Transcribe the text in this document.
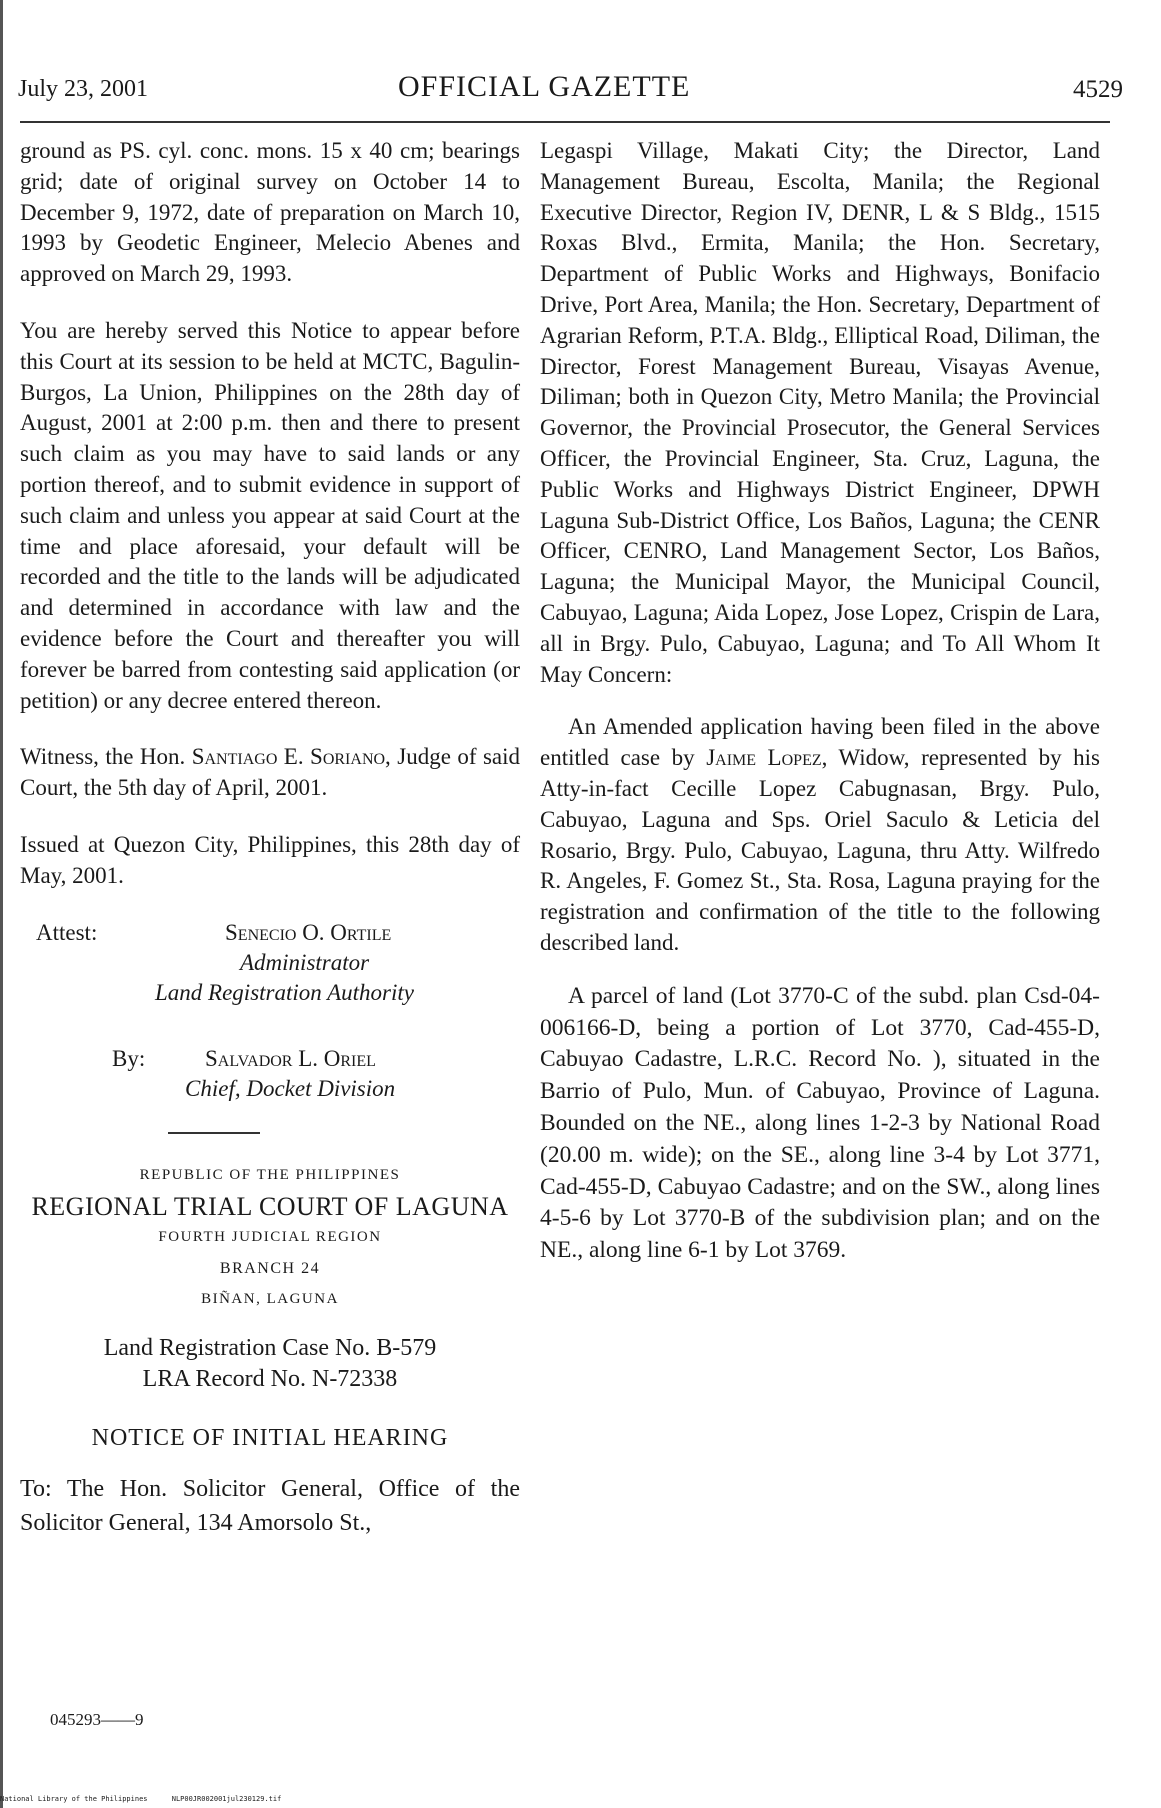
July 23, 2001	OFFICIAL GAZETTE	4529

ground as PS. cyl. conc. mons. 15 x 40 cm; bearings grid; date of original survey on October 14 to December 9, 1972, date of preparation on March 10, 1993 by Geodetic Engineer, Melecio Abenes and approved on March 29, 1993.

You are hereby served this Notice to appear before this Court at its session to be held at MCTC, Bagulin-Burgos, La Union, Philippines on the 28th day of August, 2001 at 2:00 p.m. then and there to present such claim as you may have to said lands or any portion thereof, and to submit evidence in support of such claim and unless you appear at said Court at the time and place aforesaid, your default will be recorded and the title to the lands will be adjudicated and determined in accordance with law and the evidence before the Court and thereafter you will forever be barred from contesting said application (or petition) or any decree entered thereon.

Witness, the Hon. Santiago E. Soriano, Judge of said Court, the 5th day of April, 2001.

Issued at Quezon City, Philippines, this 28th day of May, 2001.

Attest:	Senecio O. Ortile
Administrator
Land Registration Authority
By:	Salvador L. Oriel
Chief, Docket Division
REPUBLIC OF THE PHILIPPINES
REGIONAL TRIAL COURT OF LAGUNA
FOURTH JUDICIAL REGION
BRANCH 24
BIÑAN, LAGUNA
Land Registration Case No. B-579
LRA Record No. N-72338
NOTICE OF INITIAL HEARING

To: The Hon. Solicitor General, Office of the Solicitor General, 134 Amorsolo St.,

Legaspi Village, Makati City; the Director, Land Management Bureau, Escolta, Manila; the Regional Executive Director, Region IV, DENR, L & S Bldg., 1515 Roxas Blvd., Ermita, Manila; the Hon. Secretary, Department of Public Works and Highways, Bonifacio Drive, Port Area, Manila; the Hon. Secretary, Department of Agrarian Reform, P.T.A. Bldg., Elliptical Road, Diliman, the Director, Forest Management Bureau, Visayas Avenue, Diliman; both in Quezon City, Metro Manila; the Provincial Governor, the Provincial Prosecutor, the General Services Officer, the Provincial Engineer, Sta. Cruz, Laguna, the Public Works and Highways District Engineer, DPWH Laguna Sub-District Office, Los Baños, Laguna; the CENR Officer, CENRO, Land Management Sector, Los Baños, Laguna; the Municipal Mayor, the Municipal Council, Cabuyao, Laguna; Aida Lopez, Jose Lopez, Crispin de Lara, all in Brgy. Pulo, Cabuyao, Laguna; and To All Whom It May Concern:

An Amended application having been filed in the above entitled case by Jaime Lopez, Widow, represented by his Atty-in-fact Cecille Lopez Cabugnasan, Brgy. Pulo, Cabuyao, Laguna and Sps. Oriel Saculo & Leticia del Rosario, Brgy. Pulo, Cabuyao, Laguna, thru Atty. Wilfredo R. Angeles, F. Gomez St., Sta. Rosa, Laguna praying for the registration and confirmation of the title to the following described land.

A parcel of land (Lot 3770-C of the subd. plan Csd-04-006166-D, being a portion of Lot 3770, Cad-455-D, Cabuyao Cadastre, L.R.C. Record No. ), situated in the Barrio of Pulo, Mun. of Cabuyao, Province of Laguna. Bounded on the NE., along lines 1-2-3 by National Road (20.00 m. wide); on the SE., along line 3-4 by Lot 3771, Cad-455-D, Cabuyao Cadastre; and on the SW., along lines 4-5-6 by Lot 3770-B of the subdivision plan; and on the NE., along line 6-1 by Lot 3769.

045293——9
National Library of the Philippines	NLP00JR002001jul230129.tif
